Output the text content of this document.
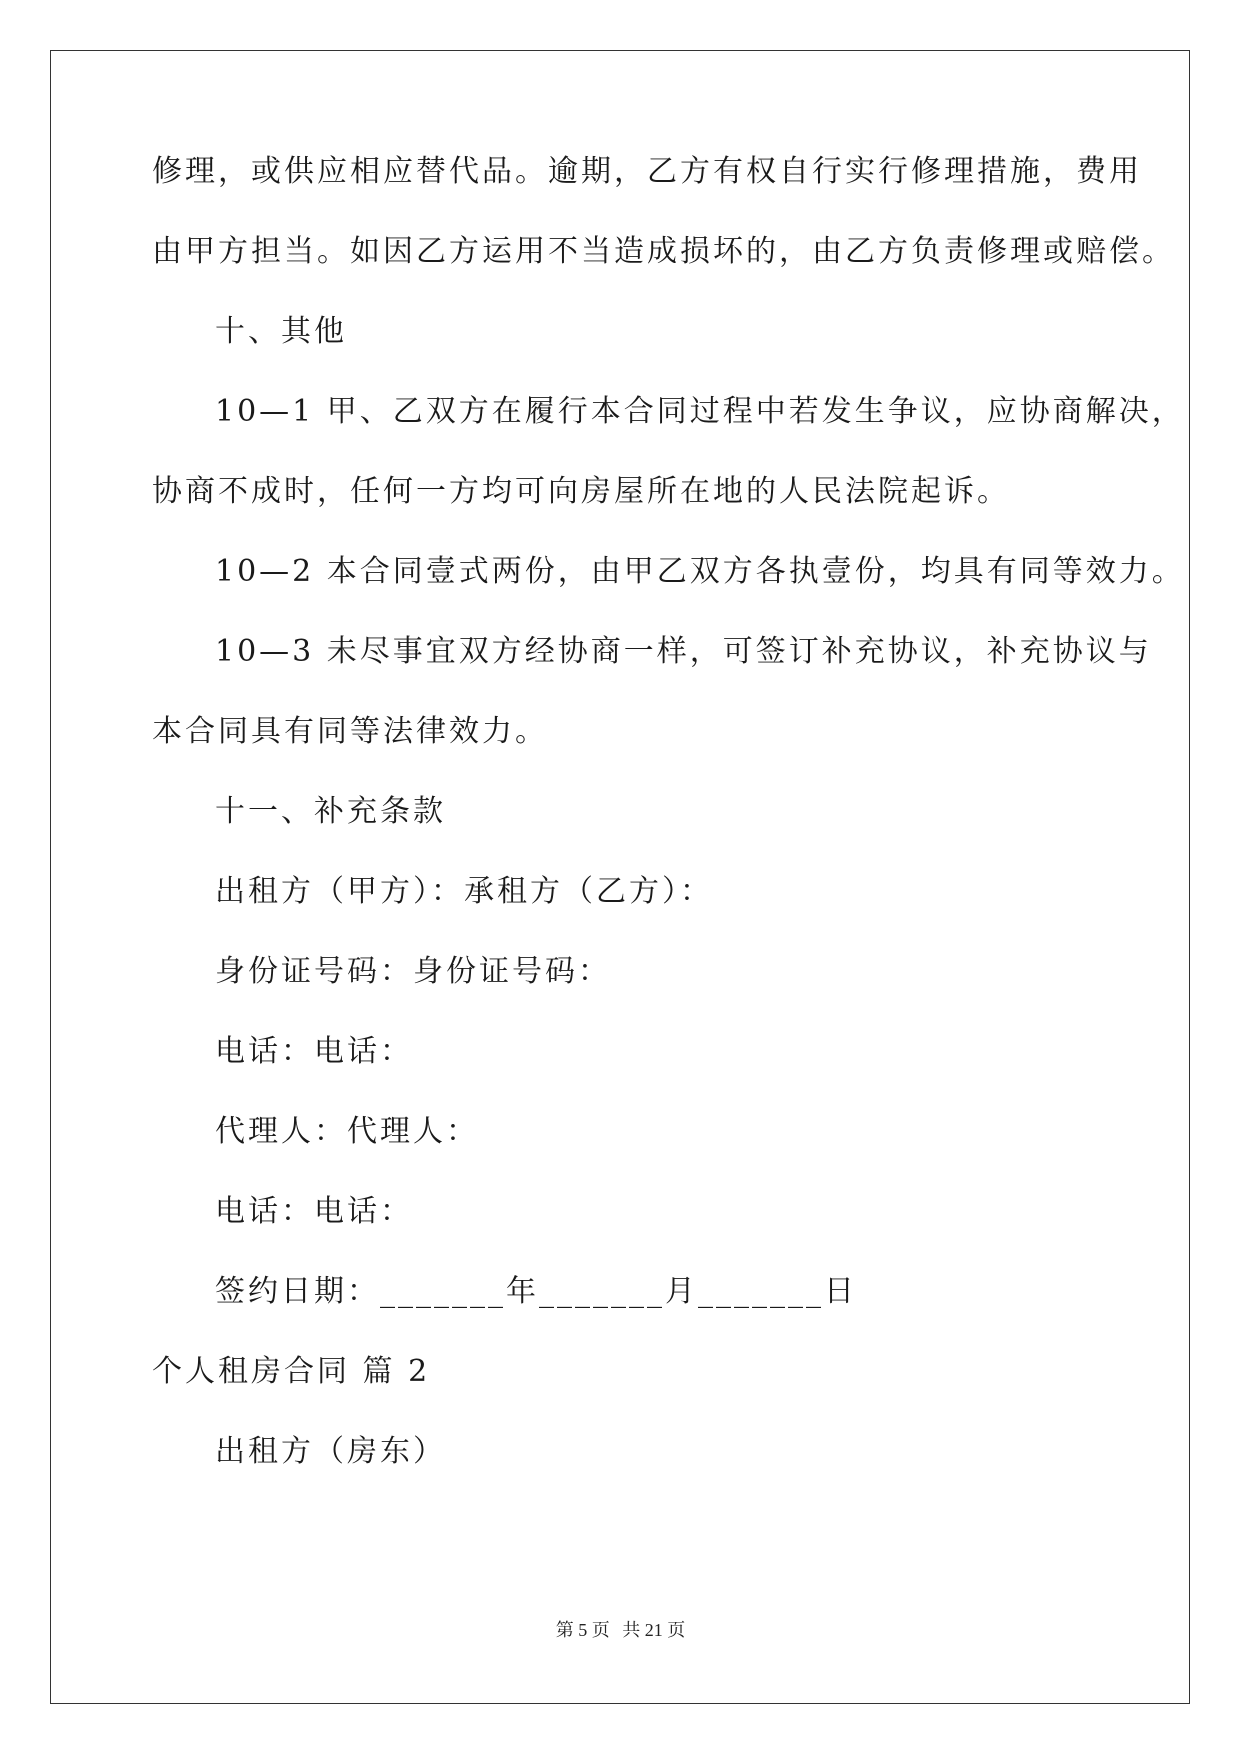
修理，或供应相应替代品。逾期，乙方有权自行实行修理措施，费用
由甲方担当。如因乙方运用不当造成损坏的，由乙方负责修理或赔偿。
十、其他
10—1 甲、乙双方在履行本合同过程中若发生争议，应协商解决，
协商不成时，任何一方均可向房屋所在地的人民法院起诉。
10—2 本合同壹式两份，由甲乙双方各执壹份，均具有同等效力。
10—3 未尽事宜双方经协商一样，可签订补充协议，补充协议与
本合同具有同等法律效力。
十一、补充条款
出租方（甲方）：承租方（乙方）：
身份证号码：身份证号码：
电话：电话：
代理人：代理人：
电话：电话：
签约日期：_______年_______月_______日
个人租房合同 篇 2
出租方（房东）
第 5 页 共 21 页
